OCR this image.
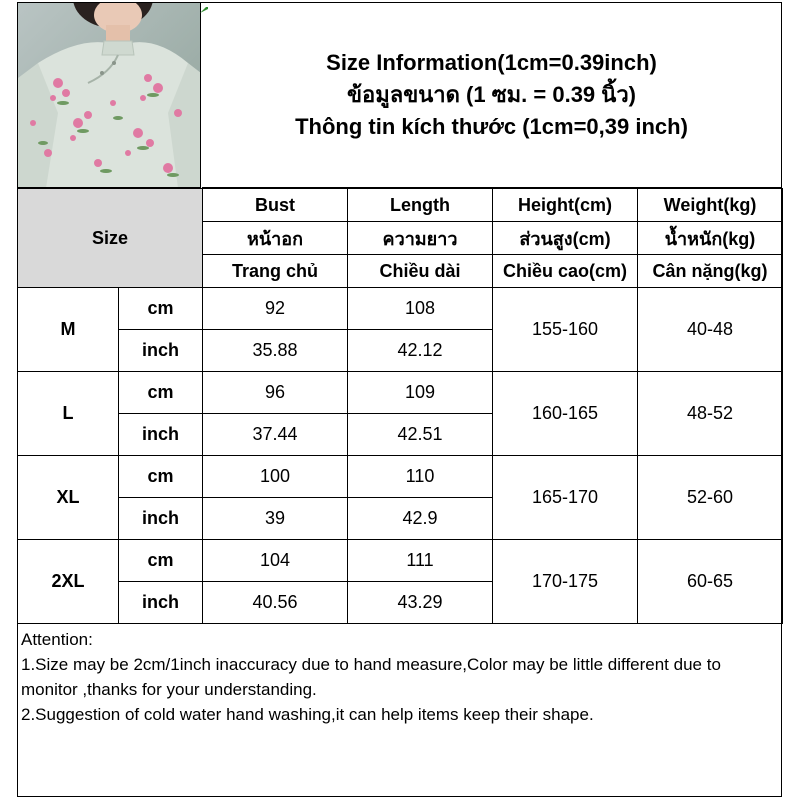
Size Information(1cm=0.39inch)
ข้อมูลขนาด (1 ซม. = 0.39 นิ้ว)
Thông tin kích thước (1cm=0,39 inch)
Size		Bust	Length	Height(cm)	Weight(kg)
		หน้าอก	ความยาว	ส่วนสูง(cm)	น้ำหนัก(kg)
		Trang chủ	Chiều dài	Chiều cao(cm)	Cân nặng(kg)
M	cm	92	108	155-160	40-48
	inch	35.88	42.12		
L	cm	96	109	160-165	48-52
	inch	37.44	42.51		
XL	cm	100	110	165-170	52-60
	inch	39	42.9		
2XL	cm	104	111	170-175	60-65
	inch	40.56	43.29		
Attention:
1.Size may be 2cm/1inch inaccuracy due to hand measure,Color may be little different due to monitor ,thanks for your understanding.
2.Suggestion of cold water hand washing,it can help items keep their shape.
